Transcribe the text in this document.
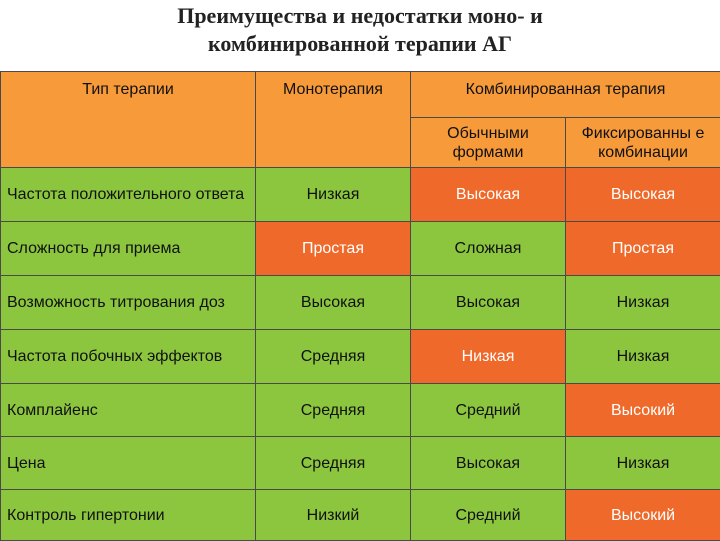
Преимущества и недостатки моно- и
комбинированной терапии АГ
Тип терапии	Монотерапия	Комбинированная терапия	
		Обычными формами	Фиксированны е комбинации
Частота положительного ответа	Низкая	Высокая	Высокая
Сложность для приема	Простая	Сложная	Простая
Возможность титрования доз	Высокая	Высокая	Низкая
Частота побочных эффектов	Средняя	Низкая	Низкая
Комплайенс	Средняя	Средний	Высокий
Цена	Средняя	Высокая	Низкая
Контроль гипертонии	Низкий	Средний	Высокий
